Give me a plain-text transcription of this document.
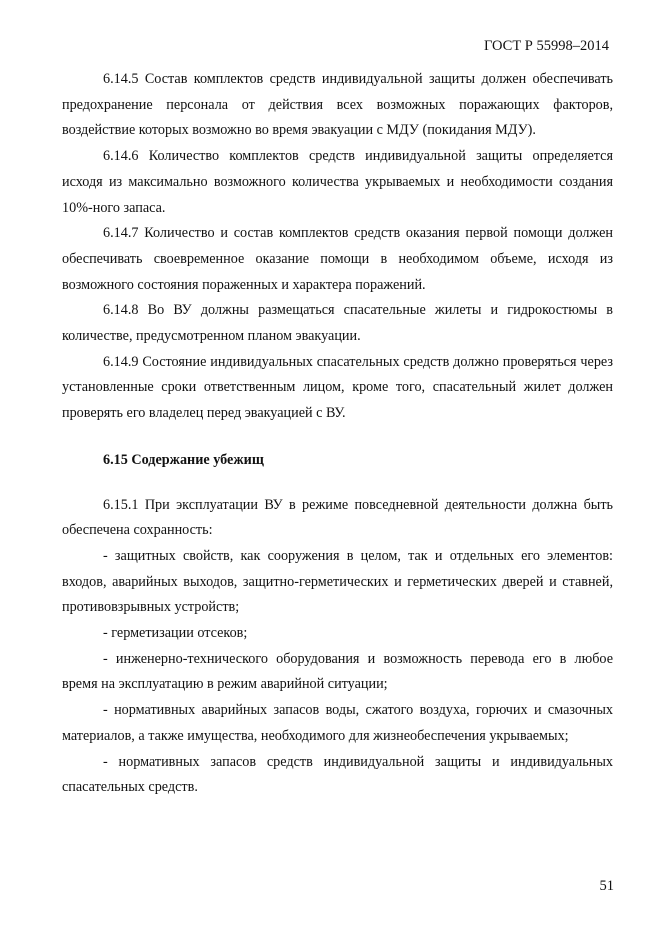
ГОСТ Р 55998–2014

6.14.5 Состав комплектов средств индивидуальной защиты должен обеспечивать предохранение персонала от действия всех возможных поражающих факторов, воздействие которых возможно во время эвакуации с МДУ (покидания МДУ).

6.14.6 Количество комплектов средств индивидуальной защиты определяется исходя из максимально возможного количества укрываемых и необходимости создания 10%-ного запаса.

6.14.7 Количество и состав комплектов средств оказания первой помощи должен обеспечивать своевременное оказание помощи в необходимом объеме, исходя из возможного состояния пораженных и характера поражений.

6.14.8 Во ВУ должны размещаться спасательные жилеты и гидрокостюмы в количестве, предусмотренном планом эвакуации.

6.14.9 Состояние индивидуальных спасательных средств должно проверяться через установленные сроки ответственным лицом, кроме того, спасательный жилет должен проверять его владелец перед эвакуацией с ВУ.

6.15 Содержание убежищ

6.15.1 При эксплуатации ВУ в режиме повседневной деятельности должна быть обеспечена сохранность:

- защитных свойств, как сооружения в целом, так и отдельных его элементов: входов, аварийных выходов, защитно-герметических и герметических дверей и ставней, противовзрывных устройств;

- герметизации отсеков;

- инженерно-технического оборудования и возможность перевода его в любое время на эксплуатацию в режим аварийной ситуации;

- нормативных аварийных запасов воды, сжатого воздуха, горючих и смазочных материалов, а также имущества, необходимого для жизнеобеспечения укрываемых;

- нормативных запасов средств индивидуальной защиты и индивидуальных спасательных средств.

51
